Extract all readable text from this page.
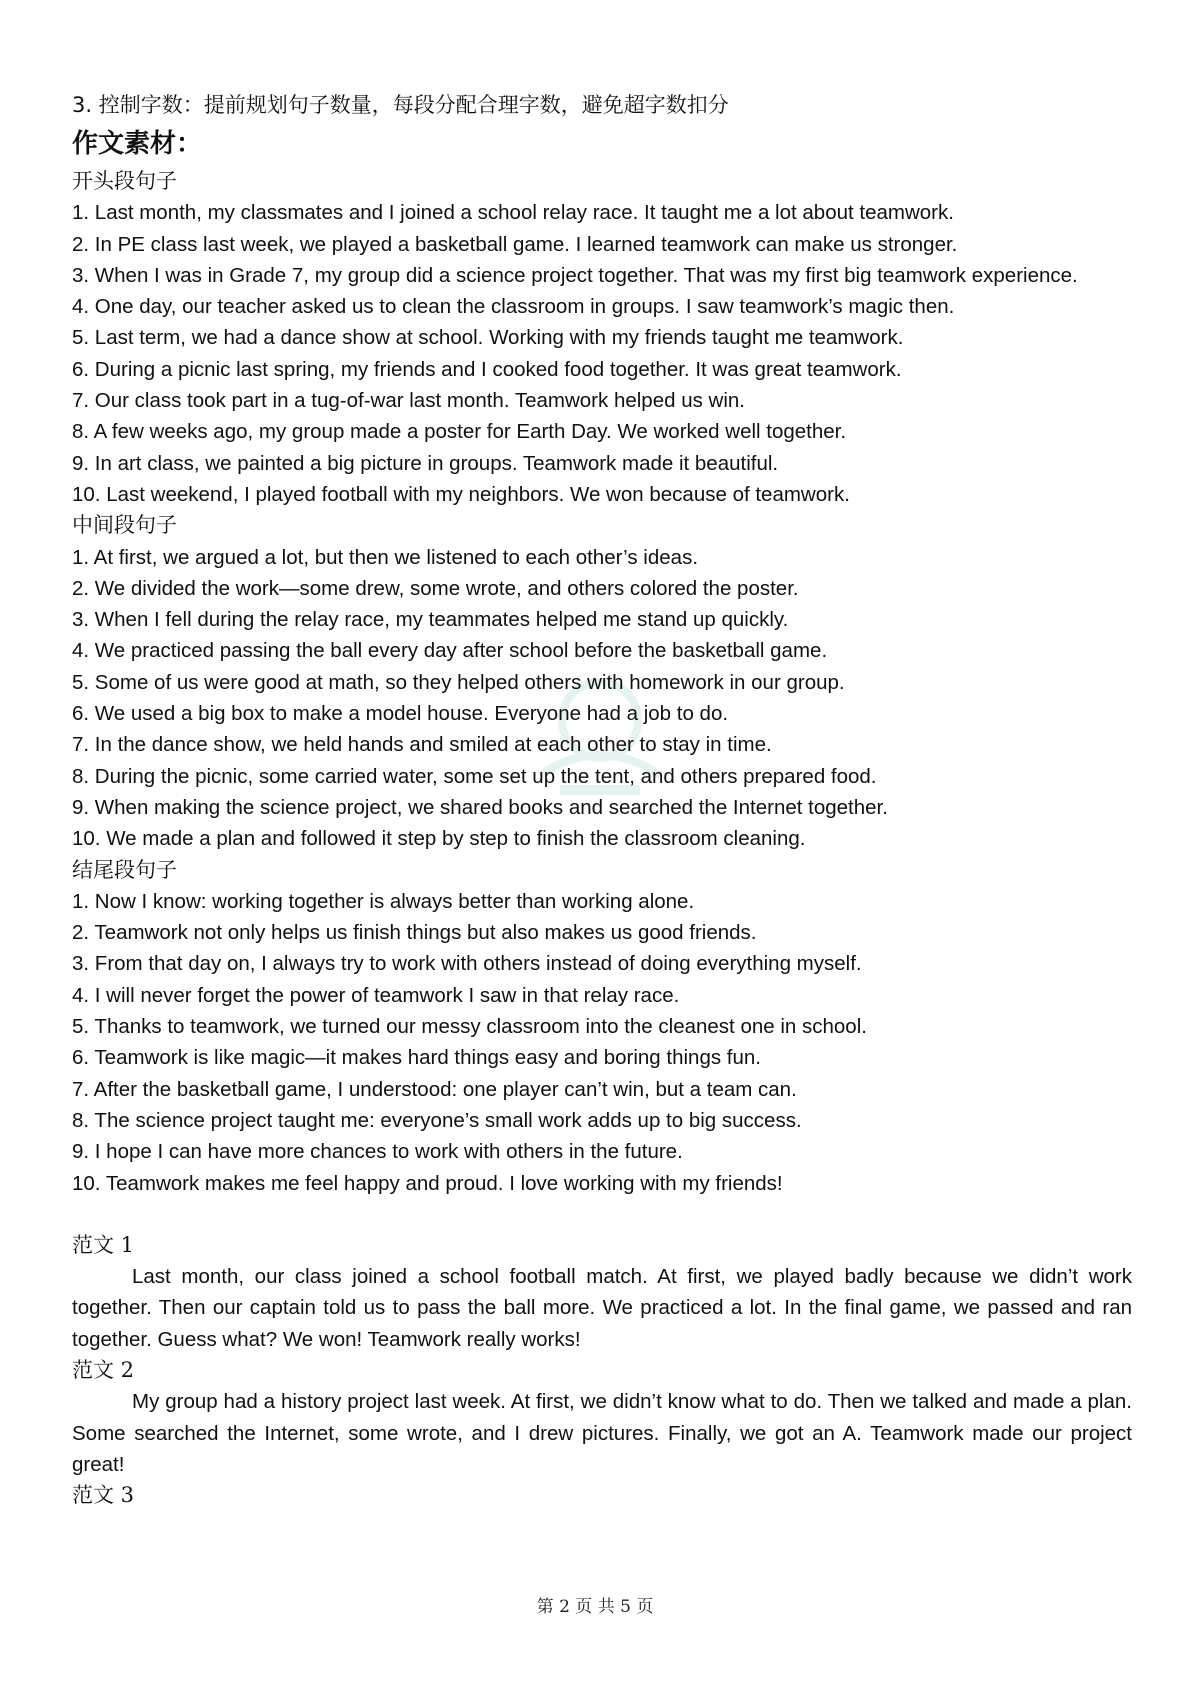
3. 控制字数：提前规划句子数量，每段分配合理字数，避免超字数扣分
作文素材：
开头段句子
1. Last month, my classmates and I joined a school relay race. It taught me a lot about teamwork.
2. In PE class last week, we played a basketball game. I learned teamwork can make us stronger.
3. When I was in Grade 7, my group did a science project together. That was my first big teamwork experience.
4. One day, our teacher asked us to clean the classroom in groups. I saw teamwork’s magic then.
5. Last term, we had a dance show at school. Working with my friends taught me teamwork.
6. During a picnic last spring, my friends and I cooked food together. It was great teamwork.
7. Our class took part in a tug-of-war last month. Teamwork helped us win.
8. A few weeks ago, my group made a poster for Earth Day. We worked well together.
9. In art class, we painted a big picture in groups. Teamwork made it beautiful.
10. Last weekend, I played football with my neighbors. We won because of teamwork.
中间段句子
1. At first, we argued a lot, but then we listened to each other’s ideas.
2. We divided the work—some drew, some wrote, and others colored the poster.
3. When I fell during the relay race, my teammates helped me stand up quickly.
4. We practiced passing the ball every day after school before the basketball game.
5. Some of us were good at math, so they helped others with homework in our group.
6. We used a big box to make a model house. Everyone had a job to do.
7. In the dance show, we held hands and smiled at each other to stay in time.
8. During the picnic, some carried water, some set up the tent, and others prepared food.
9. When making the science project, we shared books and searched the Internet together.
10. We made a plan and followed it step by step to finish the classroom cleaning.
结尾段句子
1. Now I know: working together is always better than working alone.
2. Teamwork not only helps us finish things but also makes us good friends.
3. From that day on, I always try to work with others instead of doing everything myself.
4. I will never forget the power of teamwork I saw in that relay race.
5. Thanks to teamwork, we turned our messy classroom into the cleanest one in school.
6. Teamwork is like magic—it makes hard things easy and boring things fun.
7. After the basketball game, I understood: one player can’t win, but a team can.
8. The science project taught me: everyone’s small work adds up to big success.
9. I hope I can have more chances to work with others in the future.
10. Teamwork makes me feel happy and proud. I love working with my friends!
范文 1
Last month, our class joined a school football match. At first, we played badly because we didn’t work together. Then our captain told us to pass the ball more. We practiced a lot. In the final game, we passed and ran together. Guess what? We won! Teamwork really works!
范文 2
My group had a history project last week. At first, we didn’t know what to do. Then we talked and made a plan. Some searched the Internet, some wrote, and I drew pictures. Finally, we got an A. Teamwork made our project great!
范文 3
第 2 页 共 5 页
